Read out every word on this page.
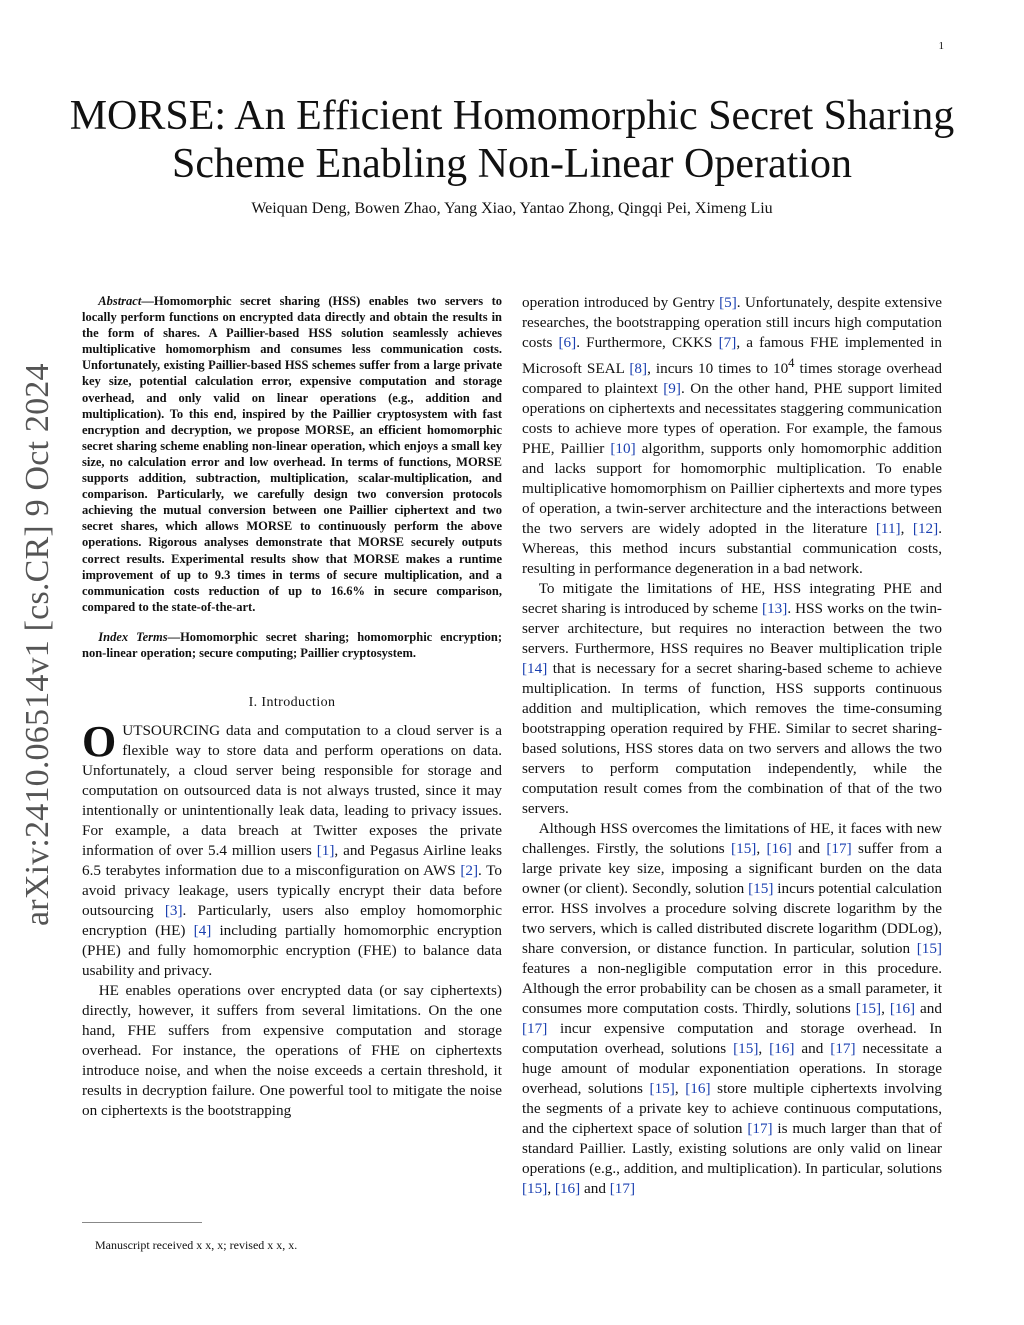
1
arXiv:2410.06514v1 [cs.CR] 9 Oct 2024
MORSE: An Efficient Homomorphic Secret Sharing
Scheme Enabling Non-Linear Operation
Weiquan Deng, Bowen Zhao, Yang Xiao, Yantao Zhong, Qingqi Pei, Ximeng Liu

Abstract—Homomorphic secret sharing (HSS) enables two servers to locally perform functions on encrypted data directly and obtain the results in the form of shares. A Paillier-based HSS solution seamlessly achieves multiplicative homomorphism and consumes less communication costs. Unfortunately, existing Paillier-based HSS schemes suffer from a large private key size, potential calculation error, expensive computation and storage overhead, and only valid on linear operations (e.g., addition and multiplication). To this end, inspired by the Paillier cryptosystem with fast encryption and decryption, we propose MORSE, an efficient homomorphic secret sharing scheme enabling non-linear operation, which enjoys a small key size, no calculation error and low overhead. In terms of functions, MORSE supports addition, subtraction, multiplication, scalar-multiplication, and comparison. Particularly, we carefully design two conversion protocols achieving the mutual conversion between one Paillier ciphertext and two secret shares, which allows MORSE to continuously perform the above operations. Rigorous analyses demonstrate that MORSE securely outputs correct results. Experimental results show that MORSE makes a runtime improvement of up to 9.3 times in terms of secure multiplication, and a communication costs reduction of up to 16.6% in secure comparison, compared to the state-of-the-art.

Index Terms—Homomorphic secret sharing; homomorphic encryption; non-linear operation; secure computing; Paillier cryptosystem.

I. Introduction

OUTSOURCING data and computation to a cloud server is a flexible way to store data and perform operations on data. Unfortunately, a cloud server being responsible for storage and computation on outsourced data is not always trusted, since it may intentionally or unintentionally leak data, leading to privacy issues. For example, a data breach at Twitter exposes the private information of over 5.4 million users [1], and Pegasus Airline leaks 6.5 terabytes information due to a misconfiguration on AWS [2]. To avoid privacy leakage, users typically encrypt their data before outsourcing [3]. Particularly, users also employ homomorphic encryption (HE) [4] including partially homomorphic encryption (PHE) and fully homomorphic encryption (FHE) to balance data usability and privacy.

HE enables operations over encrypted data (or say ciphertexts) directly, however, it suffers from several limitations. On the one hand, FHE suffers from expensive computation and storage overhead. For instance, the operations of FHE on ciphertexts introduce noise, and when the noise exceeds a certain threshold, it results in decryption failure. One powerful tool to mitigate the noise on ciphertexts is the bootstrapping

Manuscript received x x, x; revised x x, x.

operation introduced by Gentry [5]. Unfortunately, despite extensive researches, the bootstrapping operation still incurs high computation costs [6]. Furthermore, CKKS [7], a famous FHE implemented in Microsoft SEAL [8], incurs 10 times to $10^4$ times storage overhead compared to plaintext [9]. On the other hand, PHE support limited operations on ciphertexts and necessitates staggering communication costs to achieve more types of operation. For example, the famous PHE, Paillier [10] algorithm, supports only homomorphic addition and lacks support for homomorphic multiplication. To enable multiplicative homomorphism on Paillier ciphertexts and more types of operation, a twin-server architecture and the interactions between the two servers are widely adopted in the literature [11], [12]. Whereas, this method incurs substantial communication costs, resulting in performance degeneration in a bad network.

To mitigate the limitations of HE, HSS integrating PHE and secret sharing is introduced by scheme [13]. HSS works on the twin-server architecture, but requires no interaction between the two servers. Furthermore, HSS requires no Beaver multiplication triple [14] that is necessary for a secret sharing-based scheme to achieve multiplication. In terms of function, HSS supports continuous addition and multiplication, which removes the time-consuming bootstrapping operation required by FHE. Similar to secret sharing-based solutions, HSS stores data on two servers and allows the two servers to perform computation independently, while the computation result comes from the combination of that of the two servers.

Although HSS overcomes the limitations of HE, it faces with new challenges. Firstly, the solutions [15], [16] and [17] suffer from a large private key size, imposing a significant burden on the data owner (or client). Secondly, solution [15] incurs potential calculation error. HSS involves a procedure solving discrete logarithm by the two servers, which is called distributed discrete logarithm (DDLog), share conversion, or distance function. In particular, solution [15] features a non-negligible computation error in this procedure. Although the error probability can be chosen as a small parameter, it consumes more computation costs. Thirdly, solutions [15], [16] and [17] incur expensive computation and storage overhead. In computation overhead, solutions [15], [16] and [17] necessitate a huge amount of modular exponentiation operations. In storage overhead, solutions [15], [16] store multiple ciphertexts involving the segments of a private key to achieve continuous computations, and the ciphertext space of solution [17] is much larger than that of standard Paillier. Lastly, existing solutions are only valid on linear operations (e.g., addition, and multiplication). In particular, solutions [15], [16] and [17]
